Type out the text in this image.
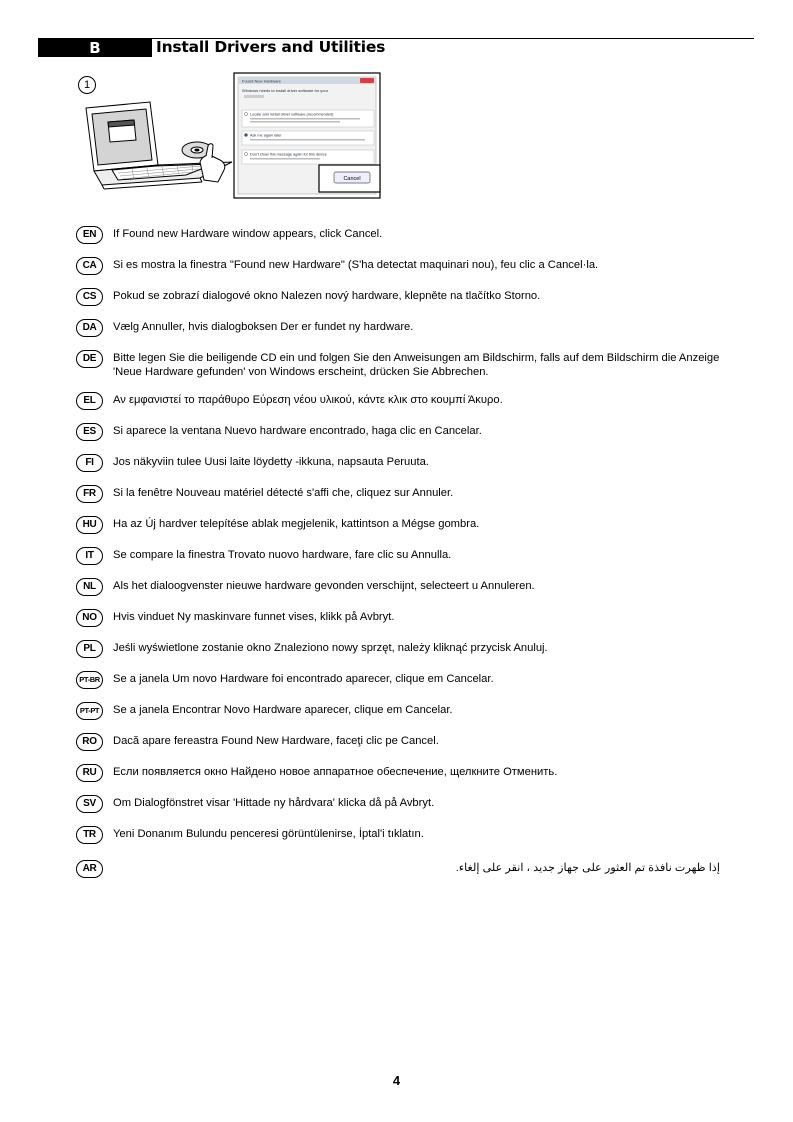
B	Install Drivers and Utilities
1	Found New Hardware
Windows needs to install driver software for your
Locate and install driver software (recommended)
Ask me again later
Don't show this message again for this device
Cancel
EN	If Found new Hardware window appears, click Cancel.
CA	Si es mostra la finestra "Found new Hardware" (S'ha detectat maquinari nou), feu clic a Cancel·la.
CS	Pokud se zobrazí dialogové okno Nalezen nový hardware, klepněte na tlačítko Storno.
DA	Vælg Annuller, hvis dialogboksen Der er fundet ny hardware.
DE	Bitte legen Sie die beiligende CD ein und folgen Sie den Anweisungen am Bildschirm, falls auf dem Bildschirm die Anzeige 'Neue Hardware gefunden' von Windows erscheint, drücken Sie Abbrechen.
EL	Αν εμφανιστεί το παράθυρο Εύρεση νέου υλικού, κάντε κλικ στο κουμπί Άκυρο.
ES	Si aparece la ventana Nuevo hardware encontrado, haga clic en Cancelar.
FI	Jos näkyviin tulee Uusi laite löydetty -ikkuna, napsauta Peruuta.
FR	Si la fenêtre Nouveau matériel détecté s'affi che, cliquez sur Annuler.
HU	Ha az Új hardver telepítése ablak megjelenik, kattintson a Mégse gombra.
IT	Se compare la finestra Trovato nuovo hardware, fare clic su Annulla.
NL	Als het dialoogvenster nieuwe hardware gevonden verschijnt, selecteert u Annuleren.
NO	Hvis vinduet Ny maskinvare funnet vises, klikk på Avbryt.
PL	Jeśli wyświetlone zostanie okno Znaleziono nowy sprzęt, należy kliknąć przycisk Anuluj.
PT-BR Se a janela Um novo Hardware foi encontrado aparecer, clique em Cancelar.
PT-PT	Se a janela Encontrar Novo Hardware aparecer, clique em Cancelar.
RO	Dacă apare fereastra Found New Hardware, faceţi clic pe Cancel.
RU	Если появляется окно Найдено новое аппаратное обеспечение, щелкните Отменить.
SV	Om Dialogfönstret visar 'Hittade ny hårdvara' klicka då på Avbryt.
TR	Yeni Donanım Bulundu penceresi görüntülenirse, İptal'i tıklatın.
AR	إذا ظهرت نافذة تم العثور على جهاز جديد ، انقر على إلغاء.
4
